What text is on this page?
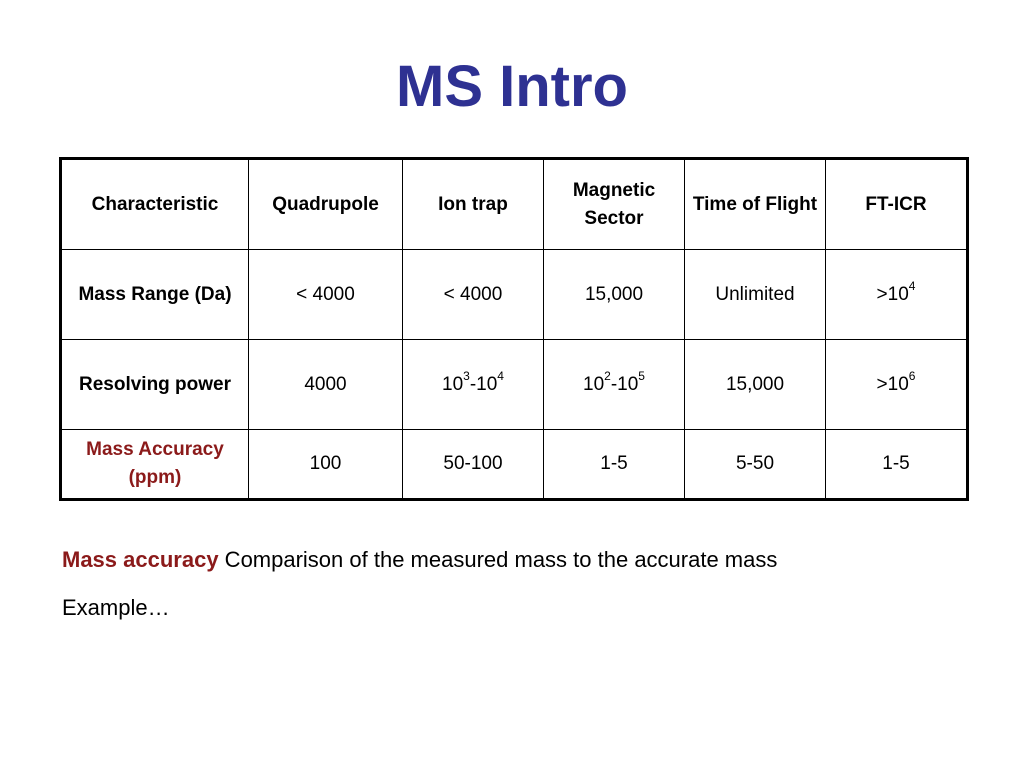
MS Intro
Characteristic	Quadrupole	Ion trap	Magnetic Sector	Time of Flight	FT-ICR
Mass Range (Da)	< 4000	< 4000	15,000	Unlimited	$>10^4$
Resolving power	4000	$10^3-10^4$	$10^2-10^5$	15,000	$>10^6$
Mass Accuracy (ppm)	100	50-100	1-5	5-50	1-5
Mass accuracy Comparison of the measured mass to the accurate mass
Example…
